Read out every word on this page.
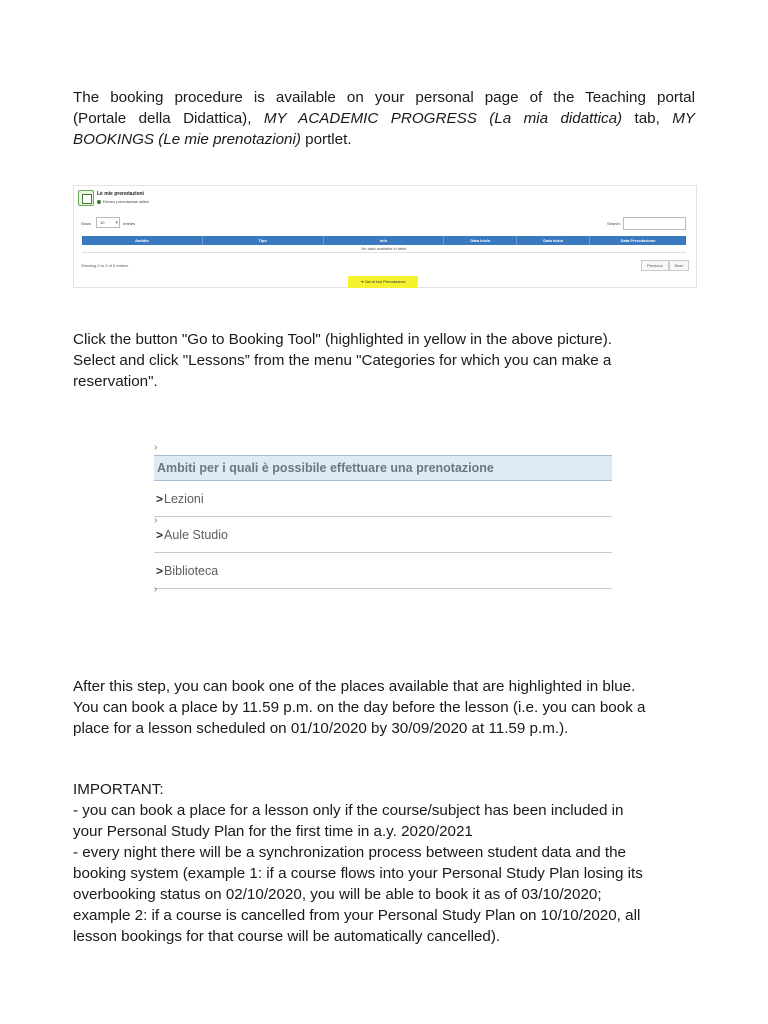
The booking procedure is available on your personal page of the Teaching portal
(Portale della Didattica), MY ACADEMIC PROGRESS (La mia didattica) tab, MY
BOOKINGS (Le mie prenotazioni) portlet.
Le mie prenotazioni
Elenco prenotazioni attive
Show	10 ▾	entries	Search:
Ambito	Tipo	Info	Data Inizio	Data Inizio	Data Prenotazione
No data available in table
Showing 0 to 0 of 0 entries	Previous	Next
➜ Vai al tool Prenotazioni
Click the button "Go to Booking Tool" (highlighted in yellow in the above picture).
Select and click "Lessons” from the menu "Categories for which you can make a
reservation".
›
Ambiti per i quali è possibile effettuare una prenotazione
>Lezioni
›
>Aule Studio
>Biblioteca
›
After this step, you can book one of the places available that are highlighted in blue.
You can book a place by 11.59 p.m. on the day before the lesson (i.e. you can book a
place for a lesson scheduled on 01/10/2020 by 30/09/2020 at 11.59 p.m.).
IMPORTANT:
- you can book a place for a lesson only if the course/subject has been included in
your Personal Study Plan for the first time in a.y. 2020/2021
- every night there will be a synchronization process between student data and the
booking system (example 1: if a course flows into your Personal Study Plan losing its
overbooking status on 02/10/2020, you will be able to book it as of 03/10/2020;
example 2: if a course is cancelled from your Personal Study Plan on 10/10/2020, all
lesson bookings for that course will be automatically cancelled).
